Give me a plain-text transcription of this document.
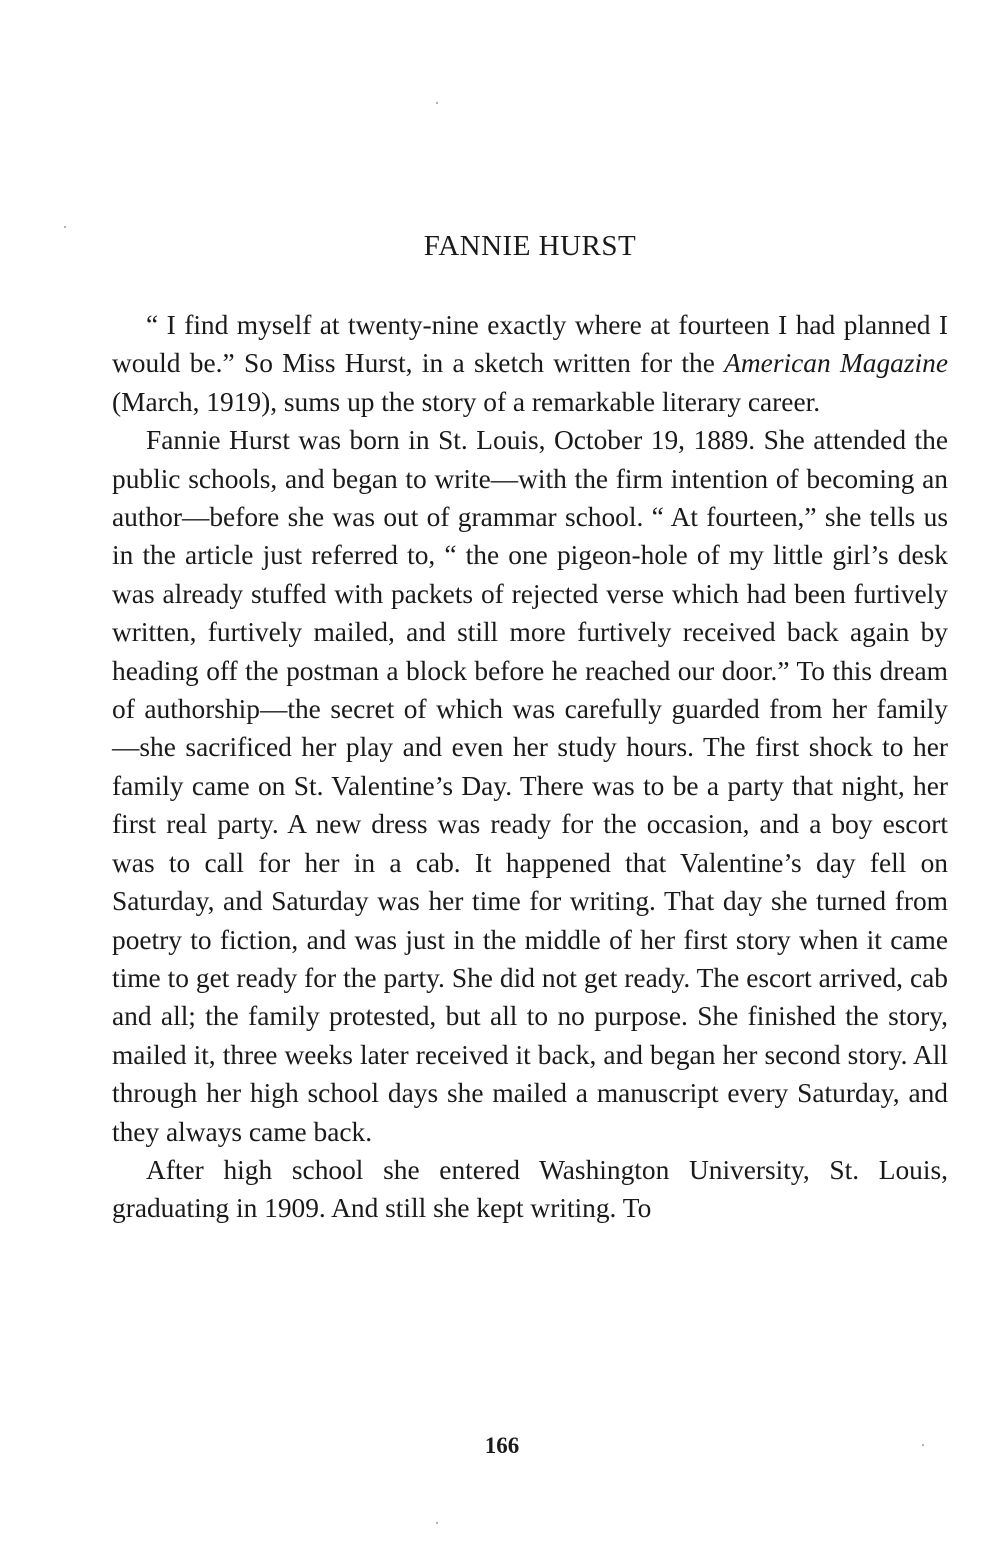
FANNIE HURST

“ I find myself at twenty-nine exactly where at fourteen I had planned I would be.” So Miss Hurst, in a sketch written for the American Magazine (March, 1919), sums up the story of a remarkable literary career.

Fannie Hurst was born in St. Louis, October 19, 1889. She attended the public schools, and began to write—with the firm intention of becoming an author—before she was out of grammar school. “ At fourteen,” she tells us in the article just referred to, “ the one pigeon-hole of my little girl’s desk was already stuffed with packets of rejected verse which had been furtively written, furtively mailed, and still more furtively received back again by heading off the postman a block before he reached our door.” To this dream of authorship—the secret of which was carefully guarded from her family—she sacrificed her play and even her study hours. The first shock to her family came on St. Valentine’s Day. There was to be a party that night, her first real party. A new dress was ready for the occasion, and a boy escort was to call for her in a cab. It happened that Valentine’s day fell on Saturday, and Saturday was her time for writing. That day she turned from poetry to fiction, and was just in the middle of her first story when it came time to get ready for the party. She did not get ready. The escort arrived, cab and all; the family protested, but all to no purpose. She finished the story, mailed it, three weeks later received it back, and began her second story. All through her high school days she mailed a manuscript every Saturday, and they always came back.

After high school she entered Washington University, St. Louis, graduating in 1909. And still she kept writing. To

166
